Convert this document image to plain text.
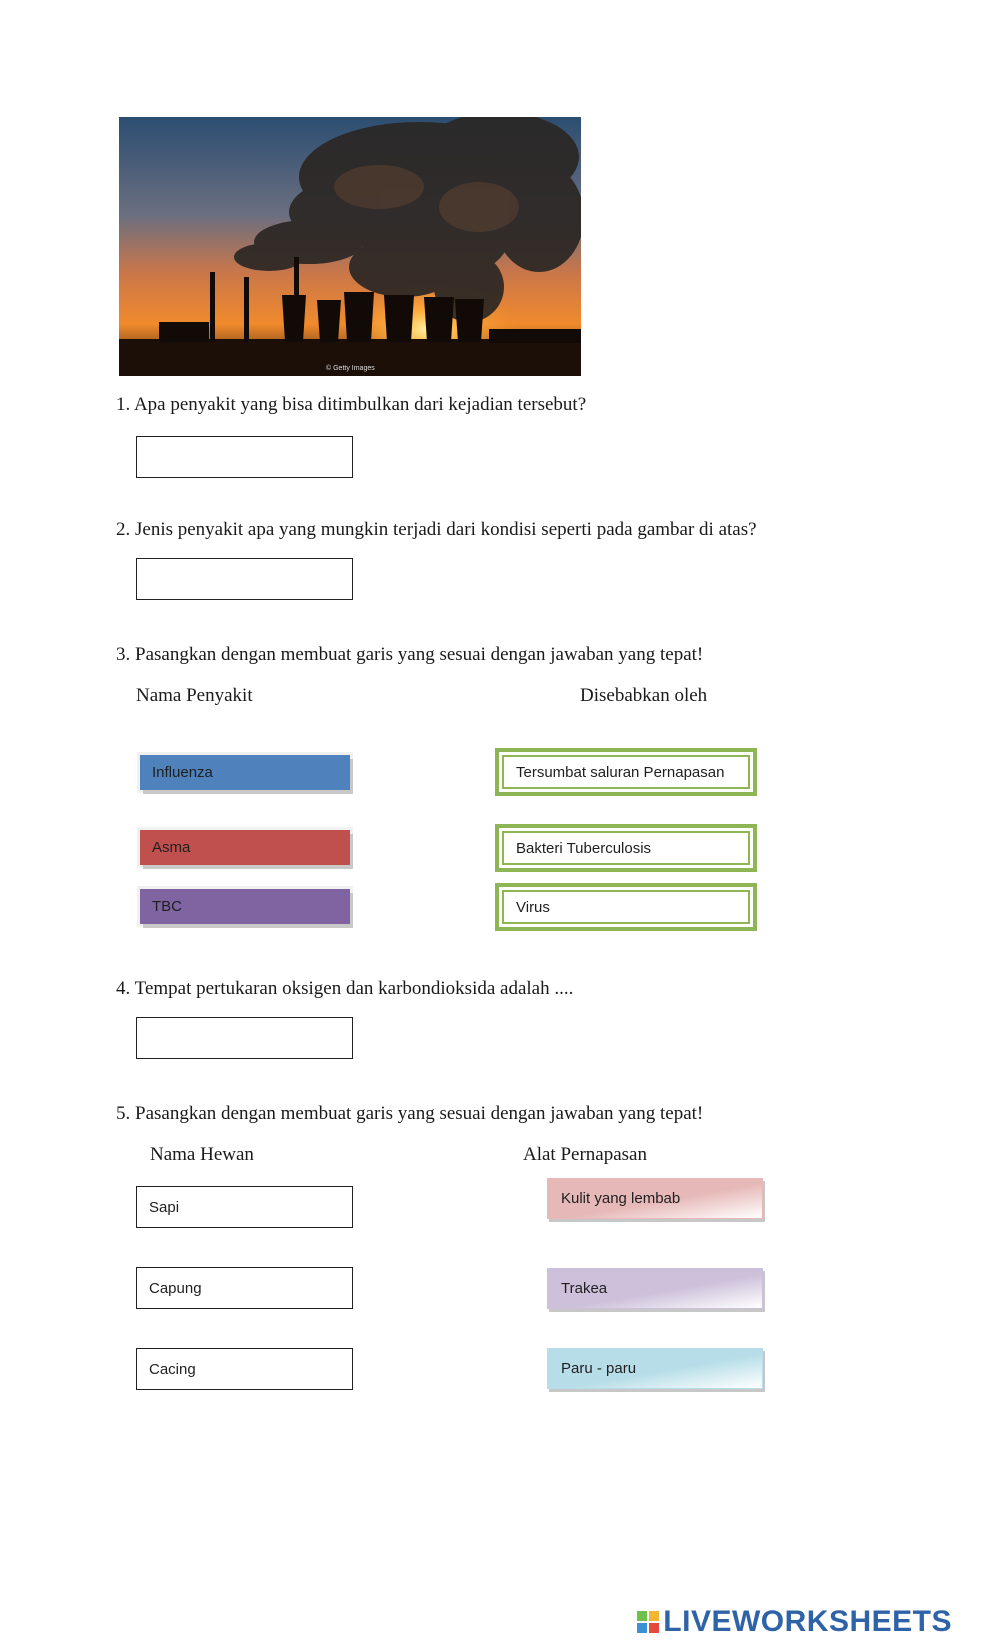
© Getty Images
1. Apa penyakit yang bisa ditimbulkan dari kejadian tersebut?
2. Jenis penyakit apa yang mungkin terjadi dari kondisi seperti pada gambar di atas?
3. Pasangkan dengan membuat garis yang sesuai dengan jawaban yang tepat!
Nama Penyakit	Disebabkan oleh
Influenza
Asma
TBC
Tersumbat saluran Pernapasan
Bakteri Tuberculosis
Virus
4. Tempat pertukaran oksigen dan karbondioksida adalah ....
5. Pasangkan dengan membuat garis yang sesuai dengan jawaban yang tepat!
Nama Hewan	Alat Pernapasan
Sapi
Capung
Cacing
Kulit yang lembab
Trakea
Paru - paru
LIVEWORKSHEETS
